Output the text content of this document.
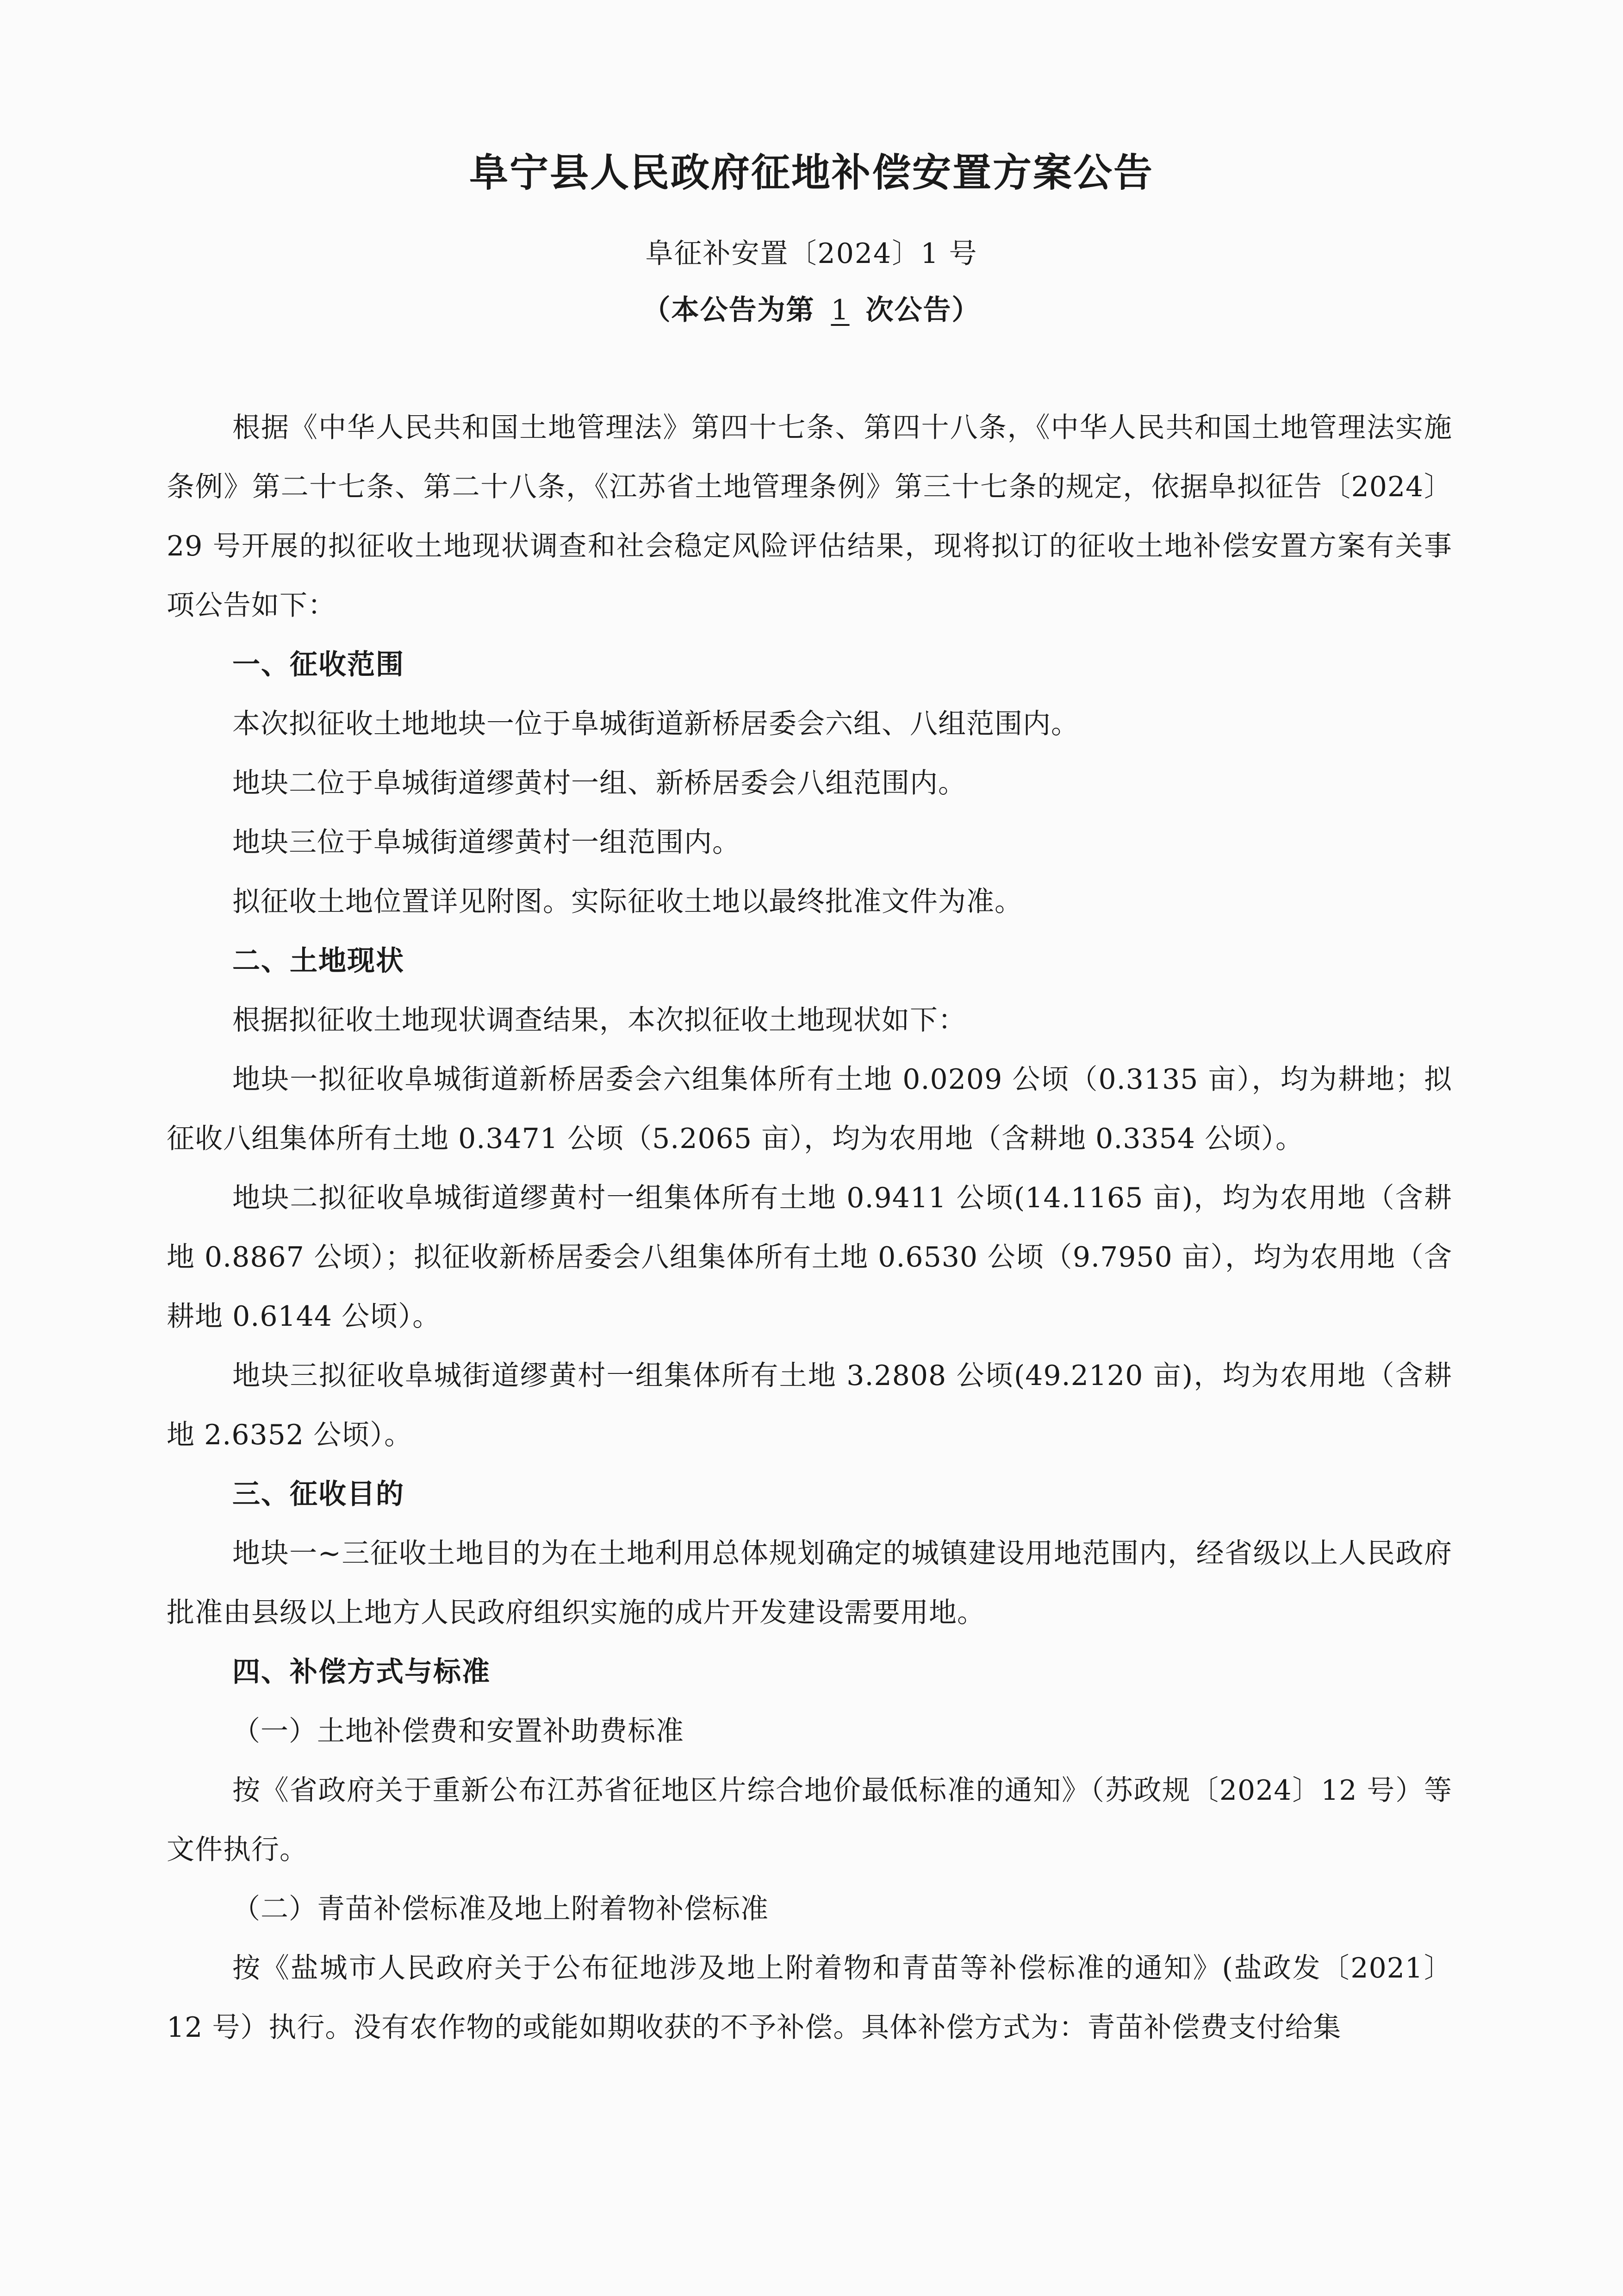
阜宁县人民政府征地补偿安置方案公告
阜征补安置〔2024〕1 号
（本公告为第 1 次公告）

根据《中华人民共和国土地管理法》第四十七条、第四十八条，《中华人民共和国土地管理法实施条例》第二十七条、第二十八条，《江苏省土地管理条例》第三十七条的规定，依据阜拟征告〔2024〕29 号开展的拟征收土地现状调查和社会稳定风险评估结果，现将拟订的征收土地补偿安置方案有关事项公告如下：

一、征收范围

本次拟征收土地地块一位于阜城街道新桥居委会六组、八组范围内。

地块二位于阜城街道缪黄村一组、新桥居委会八组范围内。

地块三位于阜城街道缪黄村一组范围内。

拟征收土地位置详见附图。实际征收土地以最终批准文件为准。

二、土地现状

根据拟征收土地现状调查结果，本次拟征收土地现状如下：

地块一拟征收阜城街道新桥居委会六组集体所有土地 0.0209 公顷（0.3135 亩），均为耕地；拟征收八组集体所有土地 0.3471 公顷（5.2065 亩），均为农用地（含耕地 0.3354 公顷）。

地块二拟征收阜城街道缪黄村一组集体所有土地 0.9411 公顷(14.1165 亩)，均为农用地（含耕地 0.8867 公顷）；拟征收新桥居委会八组集体所有土地 0.6530 公顷（9.7950 亩），均为农用地（含耕地 0.6144 公顷）。

地块三拟征收阜城街道缪黄村一组集体所有土地 3.2808 公顷(49.2120 亩)，均为农用地（含耕地 2.6352 公顷）。

三、征收目的

地块一~三征收土地目的为在土地利用总体规划确定的城镇建设用地范围内，经省级以上人民政府批准由县级以上地方人民政府组织实施的成片开发建设需要用地。

四、补偿方式与标准

（一）土地补偿费和安置补助费标准

按《省政府关于重新公布江苏省征地区片综合地价最低标准的通知》（苏政规〔2024〕12 号）等文件执行。

（二）青苗补偿标准及地上附着物补偿标准

按《盐城市人民政府关于公布征地涉及地上附着物和青苗等补偿标准的通知》(盐政发〔2021〕12 号）执行。没有农作物的或能如期收获的不予补偿。具体补偿方式为：青苗补偿费支付给集
